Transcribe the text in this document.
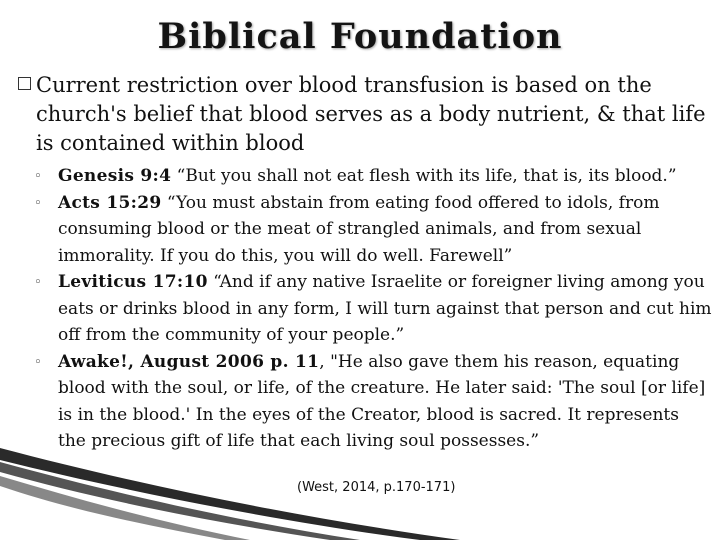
Biblical Foundation
Current restriction over blood transfusion is based on the church's belief that blood serves as a body nutrient, & that life is contained within blood
◦ Genesis 9:4 “But you shall not eat flesh with its life, that is, its blood.”
◦ Acts 15:29 “You must abstain from eating food offered to idols, from consuming blood or the meat of strangled animals, and from sexual immorality. If you do this, you will do well. Farewell”
◦ Leviticus 17:10 “And if any native Israelite or foreigner living among you eats or drinks blood in any form, I will turn against that person and cut him off from the community of your people.”
◦ Awake!, August 2006 p. 11, "He also gave them his reason, equating blood with the soul, or life, of the creature. He later said: 'The soul [or life] is in the blood.' In the eyes of the Creator, blood is sacred. It represents the precious gift of life that each living soul possesses.”
(West, 2014, p.170-171)
